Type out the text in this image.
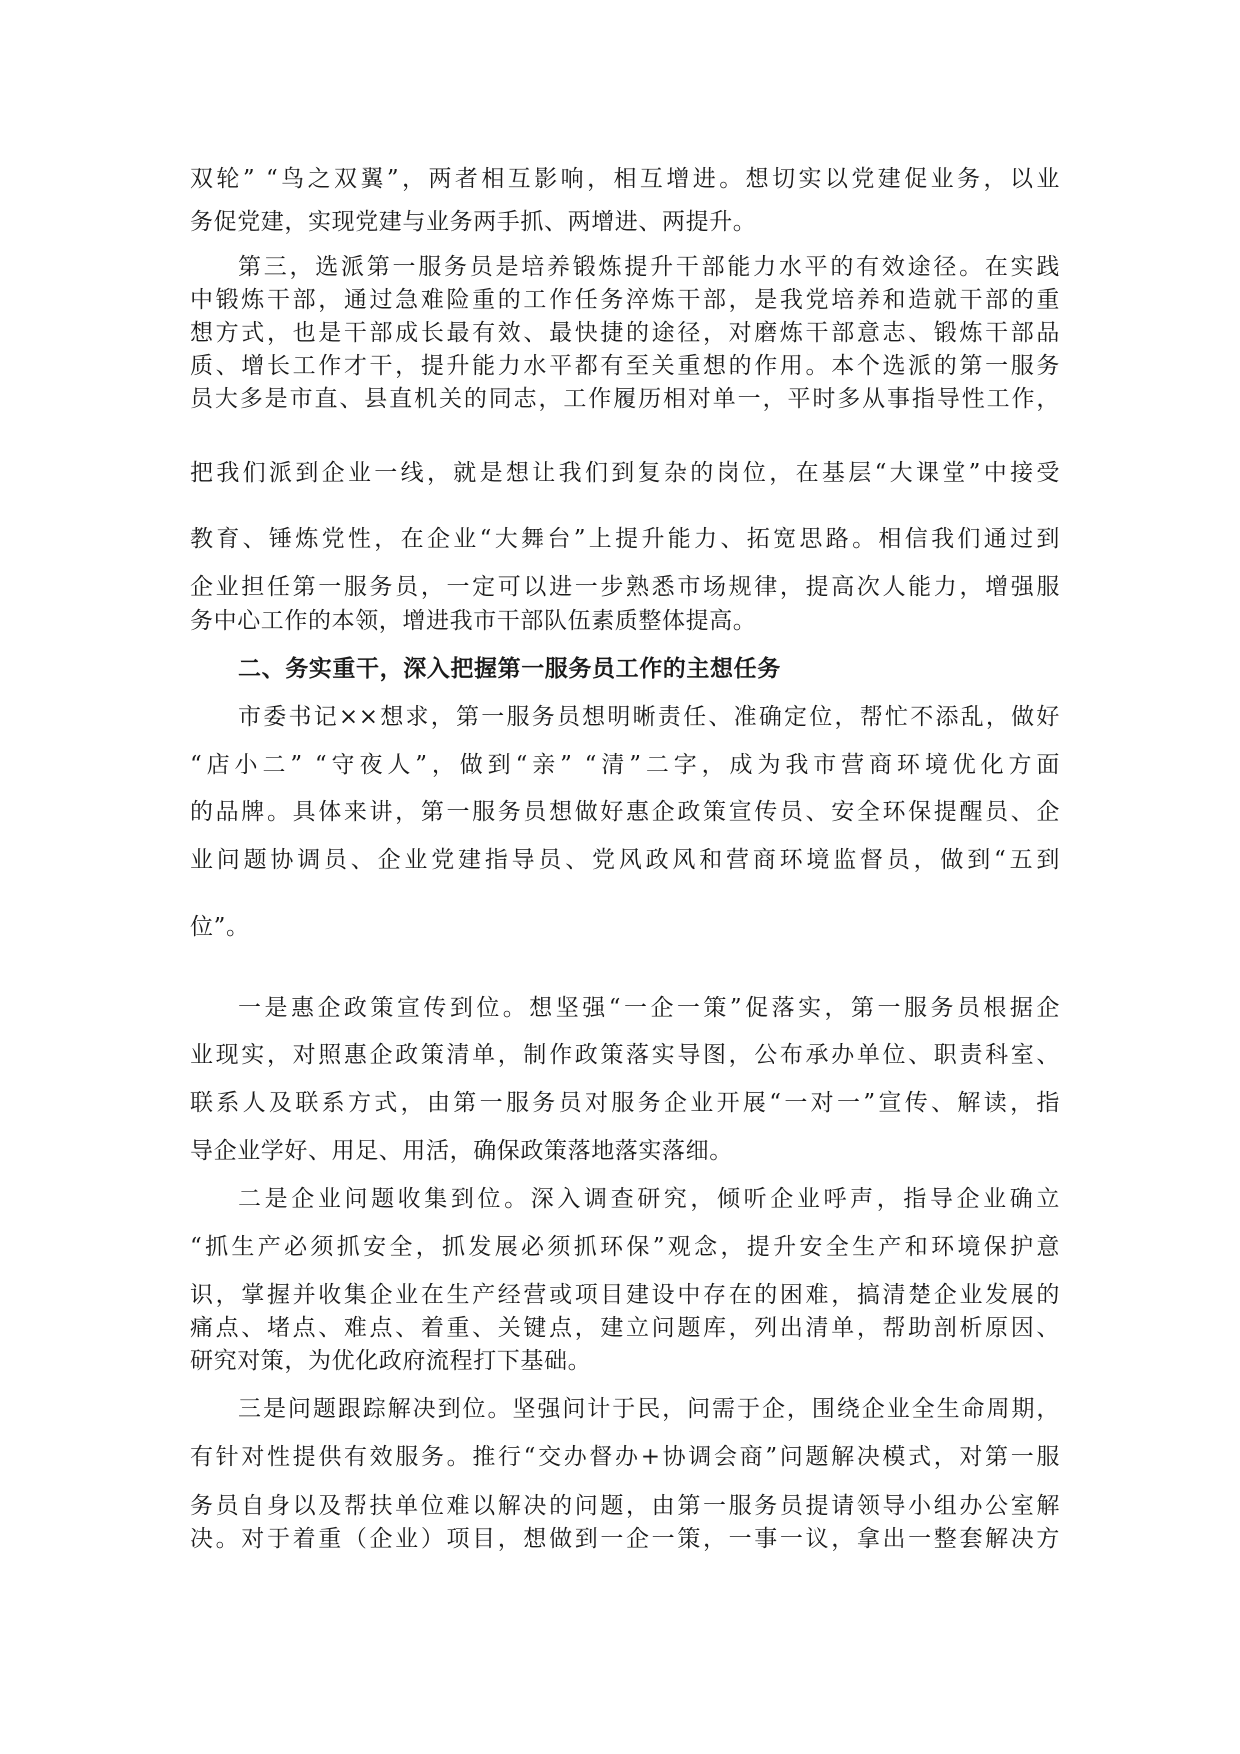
双轮” “鸟之双翼”，两者相互影响，相互增进。想切实以党建促业务，以业
务促党建，实现党建与业务两手抓、两增进、两提升。
第三，选派第一服务员是培养锻炼提升干部能力水平的有效途径。在实践
中锻炼干部，通过急难险重的工作任务淬炼干部，是我党培养和造就干部的重
想方式，也是干部成长最有效、最快捷的途径，对磨炼干部意志、锻炼干部品
质、增长工作才干，提升能力水平都有至关重想的作用。本个选派的第一服务
员大多是市直、县直机关的同志，工作履历相对单一，平时多从事指导性工作，
把我们派到企业一线，就是想让我们到复杂的岗位，在基层“大课堂”中接受
教育、锤炼党性，在企业“大舞台”上提升能力、拓宽思路。相信我们通过到
企业担任第一服务员，一定可以进一步熟悉市场规律，提高次人能力，增强服
务中心工作的本领，增进我市干部队伍素质整体提高。
二、务实重干，深入把握第一服务员工作的主想任务
市委书记××想求，第一服务员想明晰责任、准确定位，帮忙不添乱，做好
“店小二” “守夜人”，做到“亲” “清”二字，成为我市营商环境优化方面
的品牌。具体来讲，第一服务员想做好惠企政策宣传员、安全环保提醒员、企
业问题协调员、企业党建指导员、党风政风和营商环境监督员，做到“五到
位”。
一是惠企政策宣传到位。想坚强“一企一策”促落实，第一服务员根据企
业现实，对照惠企政策清单，制作政策落实导图，公布承办单位、职责科室、
联系人及联系方式，由第一服务员对服务企业开展“一对一”宣传、解读，指
导企业学好、用足、用活，确保政策落地落实落细。
二是企业问题收集到位。深入调查研究，倾听企业呼声，指导企业确立
“抓生产必须抓安全，抓发展必须抓环保”观念，提升安全生产和环境保护意
识，掌握并收集企业在生产经营或项目建设中存在的困难，搞清楚企业发展的
痛点、堵点、难点、着重、关键点，建立问题库，列出清单，帮助剖析原因、
研究对策，为优化政府流程打下基础。
三是问题跟踪解决到位。坚强问计于民，问需于企，围绕企业全生命周期，
有针对性提供有效服务。推行“交办督办+协调会商”问题解决模式，对第一服
务员自身以及帮扶单位难以解决的问题，由第一服务员提请领导小组办公室解
决。对于着重（企业）项目，想做到一企一策，一事一议，拿出一整套解决方
